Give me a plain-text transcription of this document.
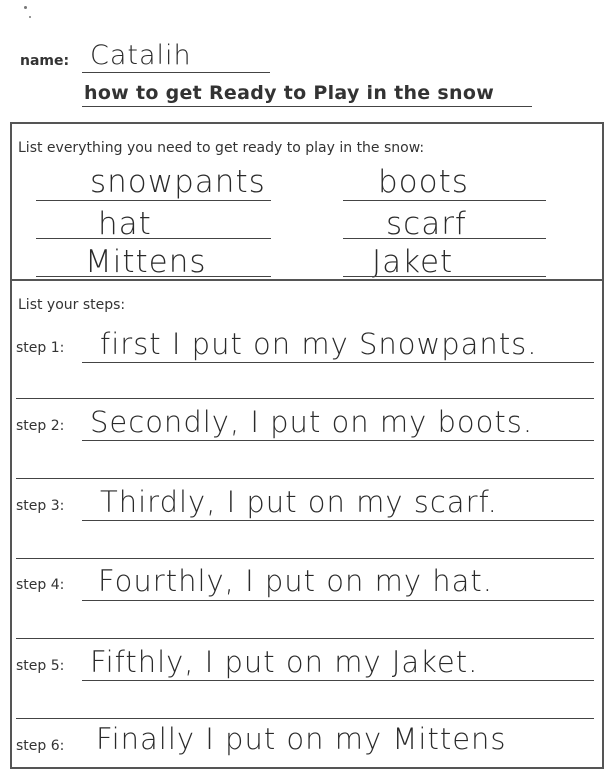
name: Catalih
how to get Ready to Play in the snow
List everything you need to get ready to play in the snow:
snowpants	boots
hat	scarf
Mittens	Jaket
List your steps:
step 1: first I put on my Snowpants.
step 2: Secondly, I put on my boots.
step 3: Thirdly, I put on my scarf.
step 4: Fourthly, I put on my hat.
step 5: Fifthly, I put on my Jaket.
step 6: Finally I put on my Mittens
